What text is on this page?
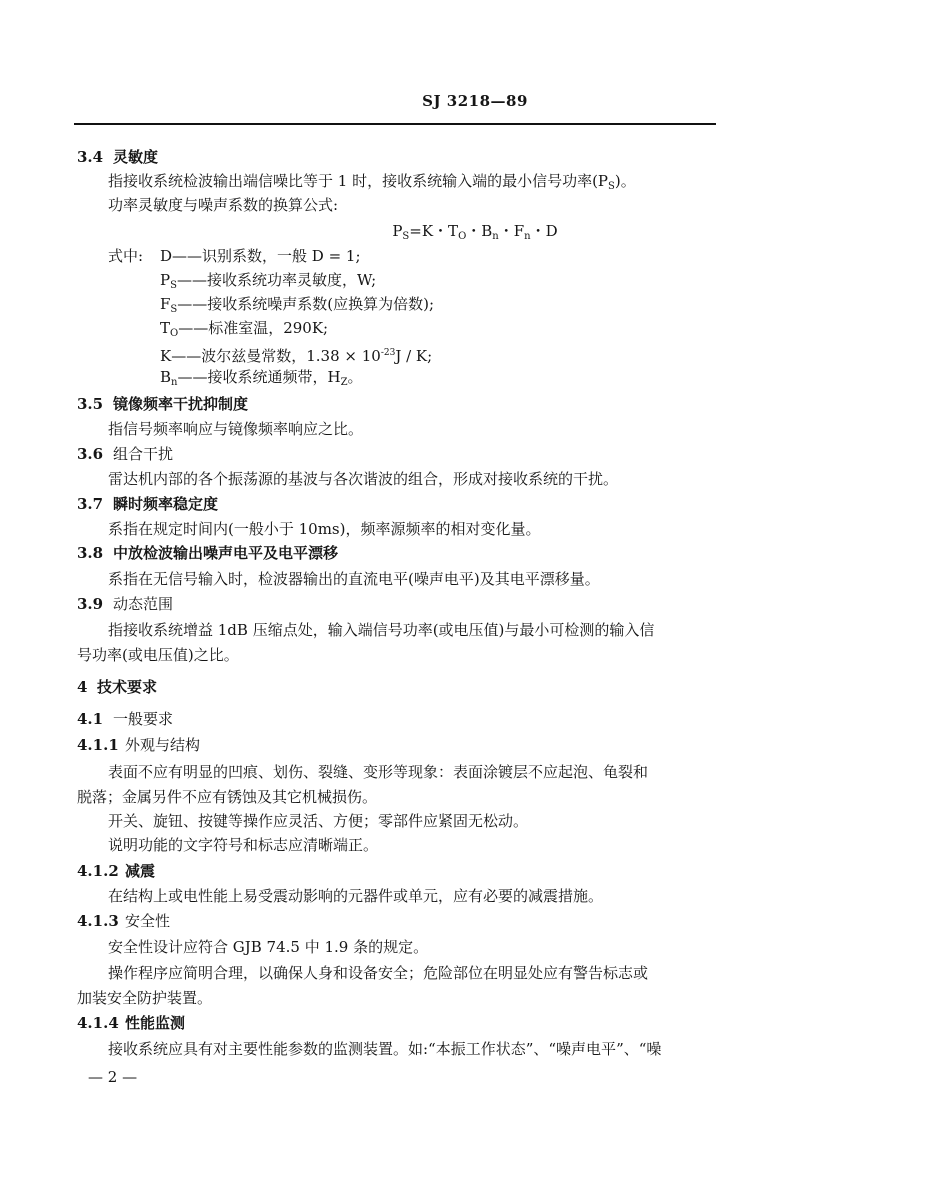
SJ 3218—89
3.4 灵敏度
指接收系统检波输出端信噪比等于 1 时，接收系统输入端的最小信号功率$(P_S)$。
功率灵敏度与噪声系数的换算公式:
$P_S=K$・$T_O$・$B_n$・$F_n$・D
式中: D——识别系数，一般 D = 1;
$P_S——$接收系统功率灵敏度，W;
$F_S——$接收系统噪声系数(应换算为倍数);
$T_O——$标准室温，290K;
K——波尔兹曼常数，$1.38 \times 10^{-23}J / K$;
$B_n——$接收系统通频带，$H_Z$。
3.5 镜像频率干扰抑制度
指信号频率响应与镜像频率响应之比。
3.6 组合干扰
雷达机内部的各个振荡源的基波与各次谐波的组合，形成对接收系统的干扰。
3.7 瞬时频率稳定度
系指在规定时间内(一般小于 10ms)，频率源频率的相对变化量。
3.8 中放检波输出噪声电平及电平漂移
系指在无信号输入时，检波器输出的直流电平(噪声电平)及其电平漂移量。
3.9 动态范围
指接收系统增益 1dB 压缩点处，输入端信号功率(或电压值)与最小可检测的输入信
号功率(或电压值)之比。
4 技术要求
4.1 一般要求
4.1.1 外观与结构
表面不应有明显的凹痕、划伤、裂缝、变形等现象：表面涂镀层不应起泡、龟裂和
脱落；金属另件不应有锈蚀及其它机械损伤。
开关、旋钮、按键等操作应灵活、方便；零部件应紧固无松动。
说明功能的文字符号和标志应清晰端正。
4.1.2 减震
在结构上或电性能上易受震动影响的元器件或单元，应有必要的减震措施。
4.1.3 安全性
安全性设计应符合 GJB 74.5 中 1.9 条的规定。
操作程序应简明合理，以确保人身和设备安全；危险部位在明显处应有警告标志或
加装安全防护装置。
4.1.4 性能监测
接收系统应具有对主要性能参数的监测装置。如:“本振工作状态”、“噪声电平”、“噪
— 2 —
